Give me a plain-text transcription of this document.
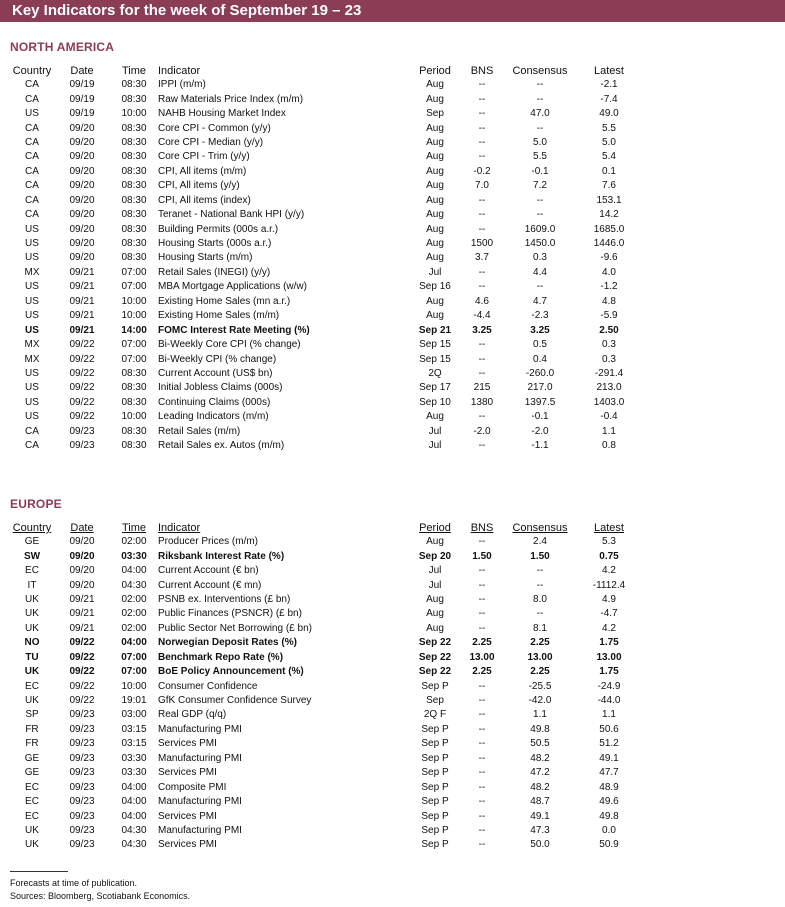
Key Indicators for the week of September 19 – 23
NORTH AMERICA
Country	Date	Time	Indicator	Period	BNS	Consensus	Latest
CA	09/19	08:30	IPPI (m/m)	Aug	--	--	-2.1
CA	09/19	08:30	Raw Materials Price Index (m/m)	Aug	--	--	-7.4
US	09/19	10:00	NAHB Housing Market Index	Sep	--	47.0	49.0
CA	09/20	08:30	Core CPI - Common (y/y)	Aug	--	--	5.5
CA	09/20	08:30	Core CPI - Median (y/y)	Aug	--	5.0	5.0
CA	09/20	08:30	Core CPI - Trim (y/y)	Aug	--	5.5	5.4
CA	09/20	08:30	CPI, All items (m/m)	Aug	-0.2	-0.1	0.1
CA	09/20	08:30	CPI, All items (y/y)	Aug	7.0	7.2	7.6
CA	09/20	08:30	CPI, All items (index)	Aug	--	--	153.1
CA	09/20	08:30	Teranet - National Bank HPI (y/y)	Aug	--	--	14.2
US	09/20	08:30	Building Permits (000s a.r.)	Aug	--	1609.0	1685.0
US	09/20	08:30	Housing Starts (000s a.r.)	Aug	1500	1450.0	1446.0
US	09/20	08:30	Housing Starts (m/m)	Aug	3.7	0.3	-9.6
MX	09/21	07:00	Retail Sales (INEGI) (y/y)	Jul	--	4.4	4.0
US	09/21	07:00	MBA Mortgage Applications (w/w)	Sep 16	--	--	-1.2
US	09/21	10:00	Existing Home Sales (mn a.r.)	Aug	4.6	4.7	4.8
US	09/21	10:00	Existing Home Sales (m/m)	Aug	-4.4	-2.3	-5.9
US	09/21	14:00	FOMC Interest Rate Meeting (%)	Sep 21	3.25	3.25	2.50
MX	09/22	07:00	Bi-Weekly Core CPI (% change)	Sep 15	--	0.5	0.3
MX	09/22	07:00	Bi-Weekly CPI (% change)	Sep 15	--	0.4	0.3
US	09/22	08:30	Current Account (US$ bn)	2Q	--	-260.0	-291.4
US	09/22	08:30	Initial Jobless Claims (000s)	Sep 17	215	217.0	213.0
US	09/22	08:30	Continuing Claims (000s)	Sep 10	1380	1397.5	1403.0
US	09/22	10:00	Leading Indicators (m/m)	Aug	--	-0.1	-0.4
CA	09/23	08:30	Retail Sales (m/m)	Jul	-2.0	-2.0	1.1
CA	09/23	08:30	Retail Sales ex. Autos (m/m)	Jul	--	-1.1	0.8
EUROPE
Country	Date	Time	Indicator	Period	BNS	Consensus	Latest
GE	09/20	02:00	Producer Prices (m/m)	Aug	--	2.4	5.3
SW	09/20	03:30	Riksbank Interest Rate (%)	Sep 20	1.50	1.50	0.75
EC	09/20	04:00	Current Account (€ bn)	Jul	--	--	4.2
IT	09/20	04:30	Current Account (€ mn)	Jul	--	--	-1112.4
UK	09/21	02:00	PSNB ex. Interventions (£ bn)	Aug	--	8.0	4.9
UK	09/21	02:00	Public Finances (PSNCR) (£ bn)	Aug	--	--	-4.7
UK	09/21	02:00	Public Sector Net Borrowing (£ bn)	Aug	--	8.1	4.2
NO	09/22	04:00	Norwegian Deposit Rates (%)	Sep 22	2.25	2.25	1.75
TU	09/22	07:00	Benchmark Repo Rate (%)	Sep 22	13.00	13.00	13.00
UK	09/22	07:00	BoE Policy Announcement (%)	Sep 22	2.25	2.25	1.75
EC	09/22	10:00	Consumer Confidence	Sep P	--	-25.5	-24.9
UK	09/22	19:01	GfK Consumer Confidence Survey	Sep	--	-42.0	-44.0
SP	09/23	03:00	Real GDP (q/q)	2Q F	--	1.1	1.1
FR	09/23	03:15	Manufacturing PMI	Sep P	--	49.8	50.6
FR	09/23	03:15	Services PMI	Sep P	--	50.5	51.2
GE	09/23	03:30	Manufacturing PMI	Sep P	--	48.2	49.1
GE	09/23	03:30	Services PMI	Sep P	--	47.2	47.7
EC	09/23	04:00	Composite PMI	Sep P	--	48.2	48.9
EC	09/23	04:00	Manufacturing PMI	Sep P	--	48.7	49.6
EC	09/23	04:00	Services PMI	Sep P	--	49.1	49.8
UK	09/23	04:30	Manufacturing PMI	Sep P	--	47.3	0.0
UK	09/23	04:30	Services PMI	Sep P	--	50.0	50.9
Forecasts at time of publication.
Sources: Bloomberg, Scotiabank Economics.
